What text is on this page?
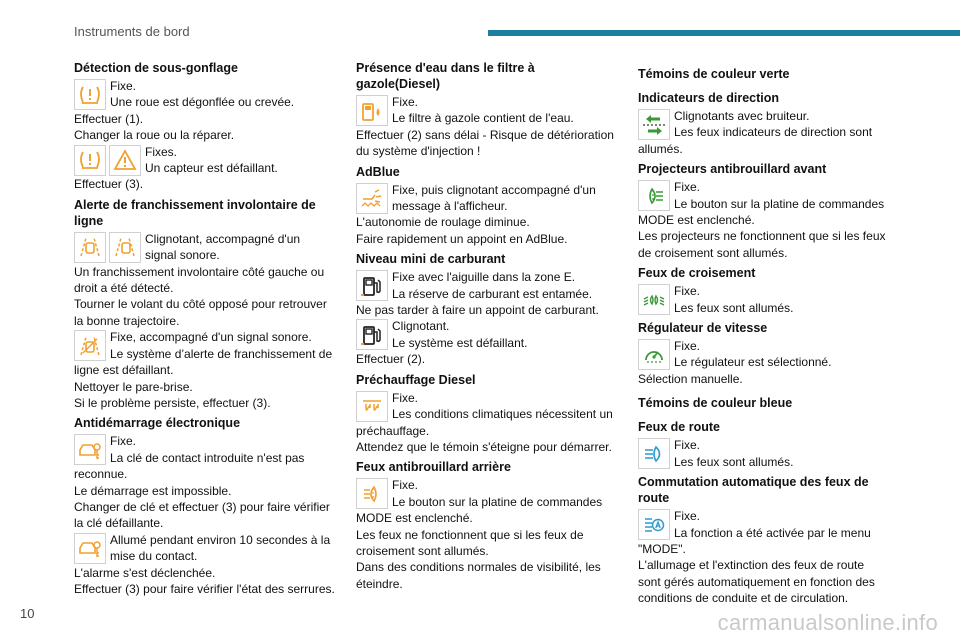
Instruments de bord
Détection de sous-gonflage
Fixe.
Une roue est dégonflée ou crevée.
Effectuer (1).
Changer la roue ou la réparer.
Fixes.
Un capteur est défaillant.
Effectuer (3).
Alerte de franchissement involontaire de ligne
Clignotant, accompagné d'un
signal sonore.
Un franchissement involontaire côté gauche ou
droit a été détecté.
Tourner le volant du côté opposé pour retrouver
la bonne trajectoire.
Fixe, accompagné d'un signal sonore.
Le système d’alerte de franchissement de
ligne est défaillant.
Nettoyer le pare-brise.
Si le problème persiste, effectuer (3).
Antidémarrage électronique
Fixe.
La clé de contact introduite n'est pas
reconnue.
Le démarrage est impossible.
Changer de clé et effectuer (3) pour faire vérifier
la clé défaillante.
Allumé pendant environ 10 secondes à la
mise du contact.
L'alarme s'est déclenchée.
Effectuer (3) pour faire vérifier l'état des serrures.
Présence d'eau dans le filtre à
gazole(Diesel)
Fixe.
Le filtre à gazole contient de l'eau.
Effectuer (2) sans délai - Risque de détérioration
du système d'injection !
AdBlue
Fixe, puis clignotant accompagné d'un
message à l'afficheur.
L'autonomie de roulage diminue.
Faire rapidement un appoint en AdBlue.
Niveau mini de carburant
Fixe avec l'aiguille dans la zone E.
La réserve de carburant est entamée.
Ne pas tarder à faire un appoint de carburant.
Clignotant.
Le système est défaillant.
Effectuer (2).
Préchauffage Diesel
Fixe.
Les conditions climatiques nécessitent un
préchauffage.
Attendez que le témoin s'éteigne pour démarrer.
Feux antibrouillard arrière
Fixe.
Le bouton sur la platine de commandes
MODE est enclenché.
Les feux ne fonctionnent que si les feux de
croisement sont allumés.
Dans des conditions normales de visibilité, les
éteindre.
Témoins de couleur verte
Indicateurs de direction
Clignotants avec bruiteur.
Les feux indicateurs de direction sont
allumés.
Projecteurs antibrouillard avant
Fixe.
Le bouton sur la platine de commandes
MODE est enclenché.
Les projecteurs ne fonctionnent que si les feux
de croisement sont allumés.
Feux de croisement
Fixe.
Les feux sont allumés.
Régulateur de vitesse
Fixe.
Le régulateur est sélectionné.
Sélection manuelle.
Témoins de couleur bleue
Feux de route
Fixe.
Les feux sont allumés.
Commutation automatique des feux de
route
Fixe.
La fonction a été activée par le menu
"MODE".
L'allumage et l'extinction des feux de route
sont gérés automatiquement en fonction des
conditions de conduite et de circulation.
10	carmanualsonline.info
